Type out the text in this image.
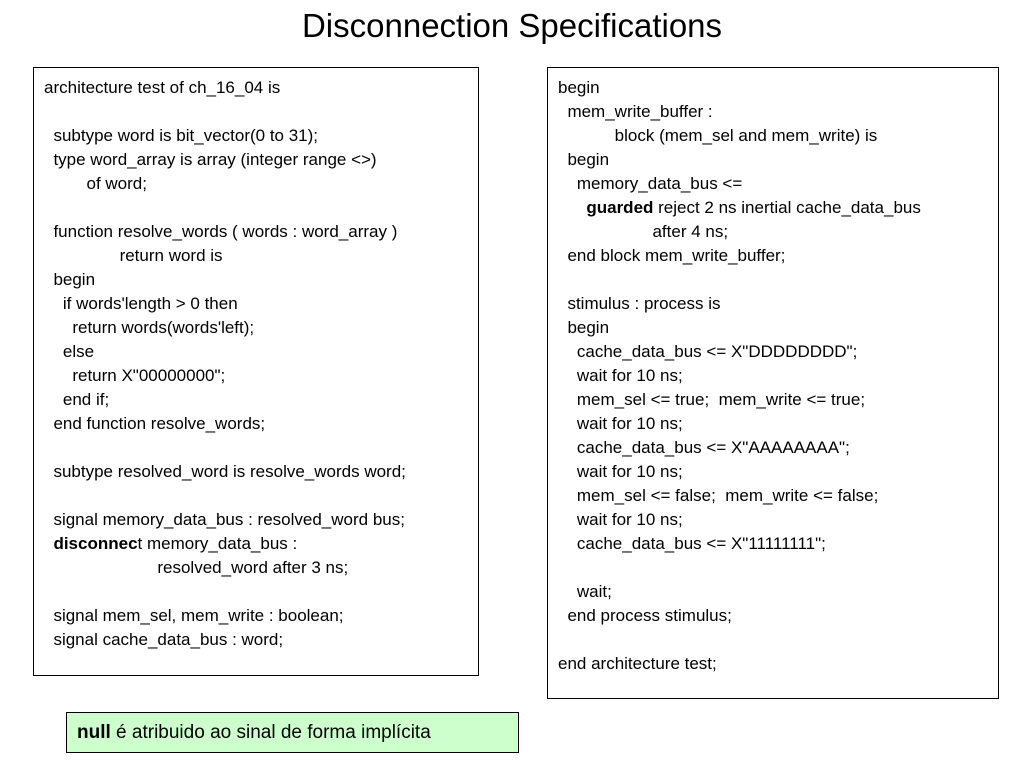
Disconnection Specifications
architecture test of ch_16_04 is
subtype word is bit_vector(0 to 31);
type word_array is array (integer range <>)
of word;
function resolve_words ( words : word_array )
return word is
begin
if words'length > 0 then
return words(words'left);
else
return X"00000000";
end if;
end function resolve_words;
subtype resolved_word is resolve_words word;
signal memory_data_bus : resolved_word bus;
disconnect memory_data_bus :
resolved_word after 3 ns;
signal mem_sel, mem_write : boolean;
signal cache_data_bus : word;
begin
mem_write_buffer :
block (mem_sel and mem_write) is
begin
memory_data_bus <=
guarded reject 2 ns inertial cache_data_bus
after 4 ns;
end block mem_write_buffer;
stimulus : process is
begin
cache_data_bus <= X"DDDDDDDD";
wait for 10 ns;
mem_sel <= true;  mem_write <= true;
wait for 10 ns;
cache_data_bus <= X"AAAAAAAA";
wait for 10 ns;
mem_sel <= false;  mem_write <= false;
wait for 10 ns;
cache_data_bus <= X"11111111";
wait;
end process stimulus;
end architecture test;
null é atribuido ao sinal de forma implícita
